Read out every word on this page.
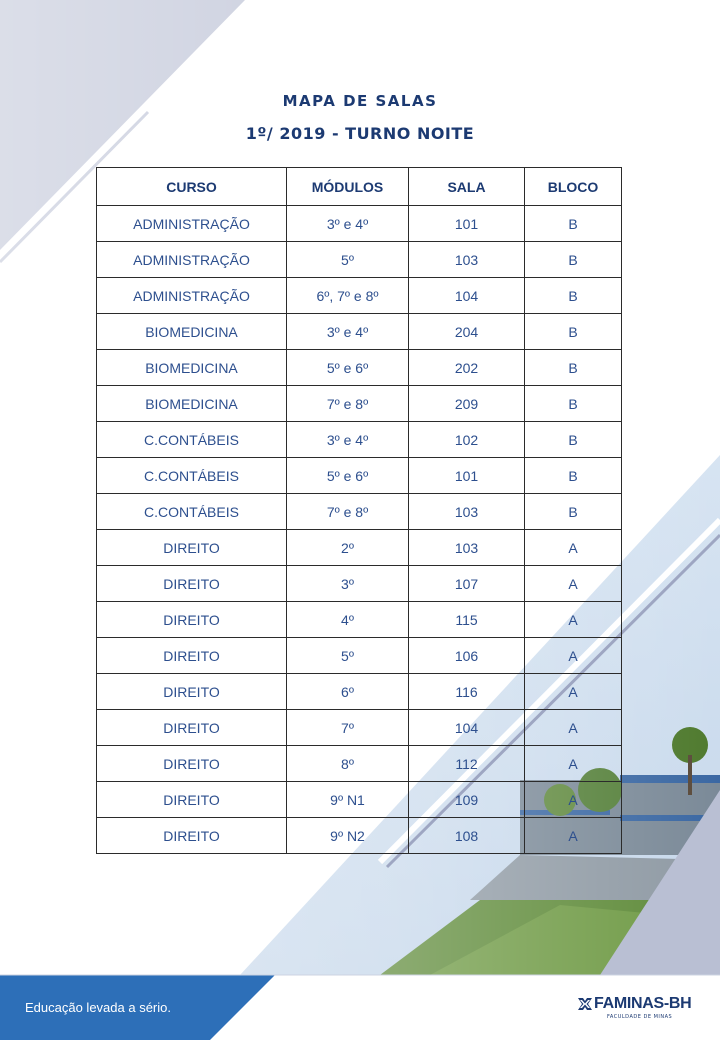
MAPA DE SALAS
1º/ 2019 - TURNO NOITE
CURSO	MÓDULOS	SALA	BLOCO
ADMINISTRAÇÃO	3º e 4º	101	B
ADMINISTRAÇÃO	5º	103	B
ADMINISTRAÇÃO	6º, 7º e 8º	104	B
BIOMEDICINA	3º e 4º	204	B
BIOMEDICINA	5º e 6º	202	B
BIOMEDICINA	7º e 8º	209	B
C.CONTÁBEIS	3º e 4º	102	B
C.CONTÁBEIS	5º e 6º	101	B
C.CONTÁBEIS	7º e 8º	103	B
DIREITO	2º	103	A
DIREITO	3º	107	A
DIREITO	4º	115	A
DIREITO	5º	106	A
DIREITO	6º	116	A
DIREITO	7º	104	A
DIREITO	8º	112	A
DIREITO	9º N1	109	A
DIREITO	9º N2	108	A
Educação levada a sério.	FAMINAS-BH
FACULDADE DE MINAS
